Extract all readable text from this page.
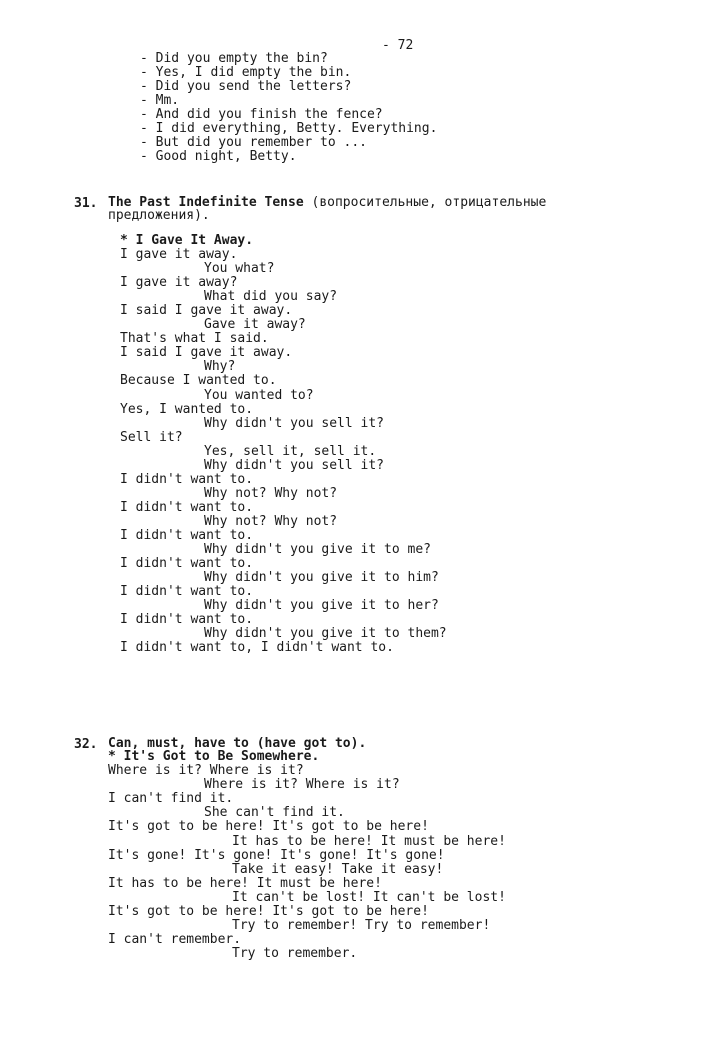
- 72
- Did you empty the bin?
- Yes, I did empty the bin.
- Did you send the letters?
- Mm.
- And did you finish the fence?
- I did everything, Betty. Everything.
- But did you remember to ...
- Good night, Betty.
31. The Past Indefinite Tense (вопросительные, отрицательные
предложения).
* I Gave It Away.
I gave it away.
You what?
I gave it away?
What did you say?
I said I gave it away.
Gave it away?
That's what I said.
I said I gave it away.
Why?
Because I wanted to.
You wanted to?
Yes, I wanted to.
Why didn't you sell it?
Sell it?
Yes, sell it, sell it.
Why didn't you sell it?
I didn't want to.
Why not? Why not?
I didn't want to.
Why not? Why not?
I didn't want to.
Why didn't you give it to me?
I didn't want to.
Why didn't you give it to him?
I didn't want to.
Why didn't you give it to her?
I didn't want to.
Why didn't you give it to them?
I didn't want to, I didn't want to.
32. Can, must, have to (have got to).
* It's Got to Be Somewhere.
Where is it? Where is it?
Where is it? Where is it?
I can't find it.
She can't find it.
It's got to be here! It's got to be here!
It has to be here! It must be here!
It's gone! It's gone! It's gone! It's gone!
Take it easy! Take it easy!
It has to be here! It must be here!
It can't be lost! It can't be lost!
It's got to be here! It's got to be here!
Try to remember! Try to remember!
I can't remember.
Try to remember.
